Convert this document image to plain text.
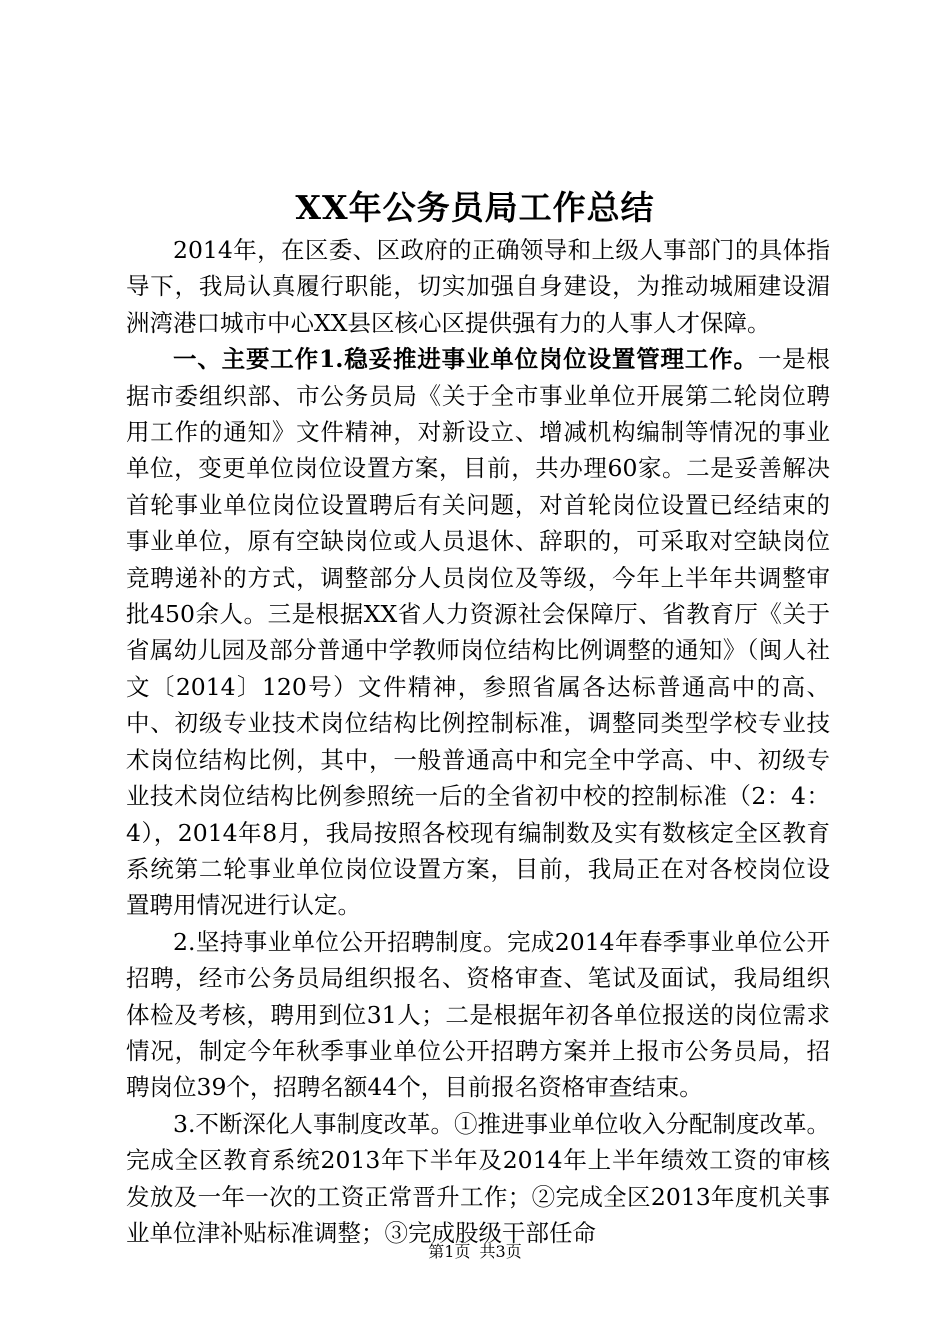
XX年公务员局工作总结

2014年，在区委、区政府的正确领导和上级人事部门的具体指导下，我局认真履行职能，切实加强自身建设，为推动城厢建设湄洲湾港口城市中心XX县区核心区提供强有力的人事人才保障。

一、主要工作1.稳妥推进事业单位岗位设置管理工作。一是根据市委组织部、市公务员局《关于全市事业单位开展第二轮岗位聘用工作的通知》文件精神，对新设立、增减机构编制等情况的事业单位，变更单位岗位设置方案，目前，共办理60家。二是妥善解决首轮事业单位岗位设置聘后有关问题，对首轮岗位设置已经结束的事业单位，原有空缺岗位或人员退休、辞职的，可采取对空缺岗位竞聘递补的方式，调整部分人员岗位及等级，今年上半年共调整审批450余人。三是根据XX省人力资源社会保障厅、省教育厅《关于省属幼儿园及部分普通中学教师岗位结构比例调整的通知》（闽人社文〔2014〕120号）文件精神，参照省属各达标普通高中的高、中、初级专业技术岗位结构比例控制标准，调整同类型学校专业技术岗位结构比例，其中，一般普通高中和完全中学高、中、初级专业技术岗位结构比例参照统一后的全省初中校的控制标准（2：4：4），2014年8月，我局按照各校现有编制数及实有数核定全区教育系统第二轮事业单位岗位设置方案，目前，我局正在对各校岗位设置聘用情况进行认定。

2.坚持事业单位公开招聘制度。完成2014年春季事业单位公开招聘，经市公务员局组织报名、资格审查、笔试及面试，我局组织体检及考核，聘用到位31人；二是根据年初各单位报送的岗位需求情况，制定今年秋季事业单位公开招聘方案并上报市公务员局，招聘岗位39个，招聘名额44个，目前报名资格审查结束。

3.不断深化人事制度改革。①推进事业单位收入分配制度改革。完成全区教育系统2013年下半年及2014年上半年绩效工资的审核发放及一年一次的工资正常晋升工作；②完成全区2013年度机关事业单位津补贴标准调整；③完成股级干部任命

第1页 共3页
